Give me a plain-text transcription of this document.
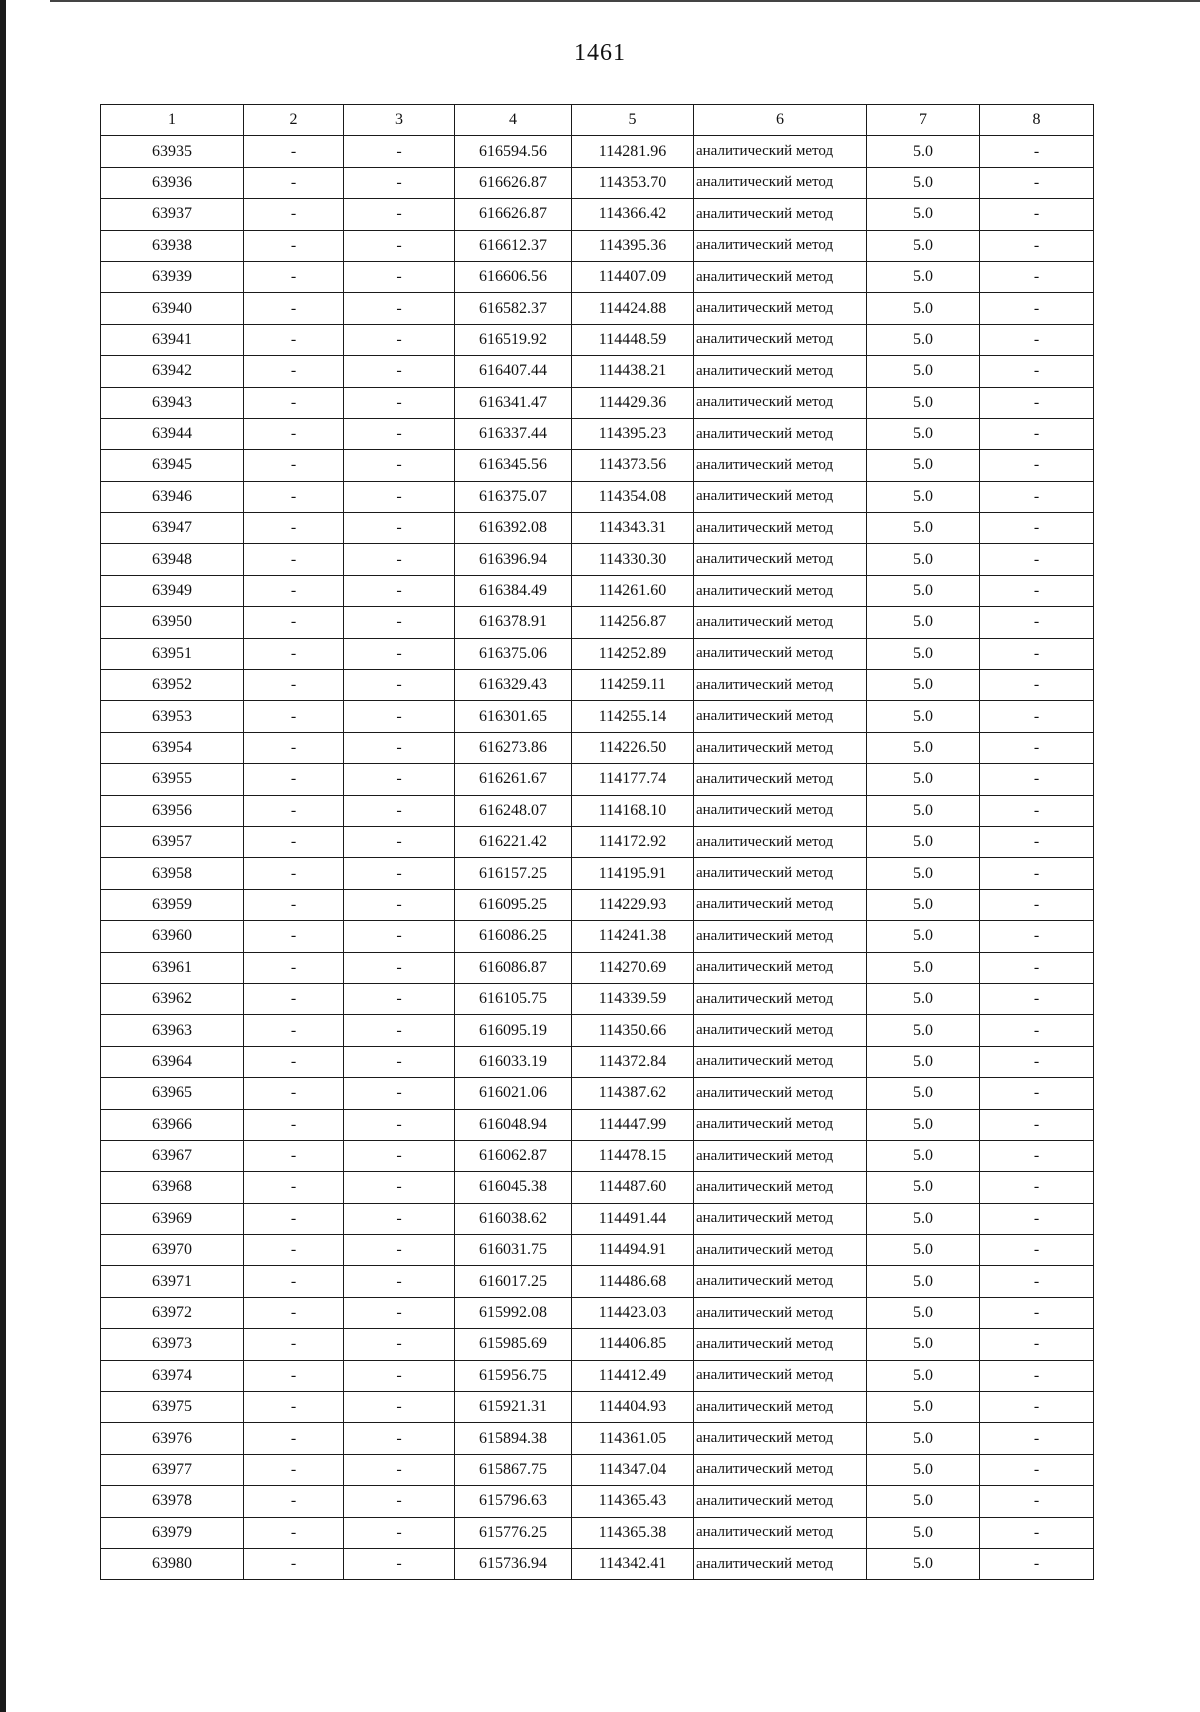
1461
1	2	3	4	5	6	7	8
63935	-	-	616594.56	114281.96	аналитический метод	5.0	-
63936	-	-	616626.87	114353.70	аналитический метод	5.0	-
63937	-	-	616626.87	114366.42	аналитический метод	5.0	-
63938	-	-	616612.37	114395.36	аналитический метод	5.0	-
63939	-	-	616606.56	114407.09	аналитический метод	5.0	-
63940	-	-	616582.37	114424.88	аналитический метод	5.0	-
63941	-	-	616519.92	114448.59	аналитический метод	5.0	-
63942	-	-	616407.44	114438.21	аналитический метод	5.0	-
63943	-	-	616341.47	114429.36	аналитический метод	5.0	-
63944	-	-	616337.44	114395.23	аналитический метод	5.0	-
63945	-	-	616345.56	114373.56	аналитический метод	5.0	-
63946	-	-	616375.07	114354.08	аналитический метод	5.0	-
63947	-	-	616392.08	114343.31	аналитический метод	5.0	-
63948	-	-	616396.94	114330.30	аналитический метод	5.0	-
63949	-	-	616384.49	114261.60	аналитический метод	5.0	-
63950	-	-	616378.91	114256.87	аналитический метод	5.0	-
63951	-	-	616375.06	114252.89	аналитический метод	5.0	-
63952	-	-	616329.43	114259.11	аналитический метод	5.0	-
63953	-	-	616301.65	114255.14	аналитический метод	5.0	-
63954	-	-	616273.86	114226.50	аналитический метод	5.0	-
63955	-	-	616261.67	114177.74	аналитический метод	5.0	-
63956	-	-	616248.07	114168.10	аналитический метод	5.0	-
63957	-	-	616221.42	114172.92	аналитический метод	5.0	-
63958	-	-	616157.25	114195.91	аналитический метод	5.0	-
63959	-	-	616095.25	114229.93	аналитический метод	5.0	-
63960	-	-	616086.25	114241.38	аналитический метод	5.0	-
63961	-	-	616086.87	114270.69	аналитический метод	5.0	-
63962	-	-	616105.75	114339.59	аналитический метод	5.0	-
63963	-	-	616095.19	114350.66	аналитический метод	5.0	-
63964	-	-	616033.19	114372.84	аналитический метод	5.0	-
63965	-	-	616021.06	114387.62	аналитический метод	5.0	-
63966	-	-	616048.94	114447.99	аналитический метод	5.0	-
63967	-	-	616062.87	114478.15	аналитический метод	5.0	-
63968	-	-	616045.38	114487.60	аналитический метод	5.0	-
63969	-	-	616038.62	114491.44	аналитический метод	5.0	-
63970	-	-	616031.75	114494.91	аналитический метод	5.0	-
63971	-	-	616017.25	114486.68	аналитический метод	5.0	-
63972	-	-	615992.08	114423.03	аналитический метод	5.0	-
63973	-	-	615985.69	114406.85	аналитический метод	5.0	-
63974	-	-	615956.75	114412.49	аналитический метод	5.0	-
63975	-	-	615921.31	114404.93	аналитический метод	5.0	-
63976	-	-	615894.38	114361.05	аналитический метод	5.0	-
63977	-	-	615867.75	114347.04	аналитический метод	5.0	-
63978	-	-	615796.63	114365.43	аналитический метод	5.0	-
63979	-	-	615776.25	114365.38	аналитический метод	5.0	-
63980	-	-	615736.94	114342.41	аналитический метод	5.0	-
